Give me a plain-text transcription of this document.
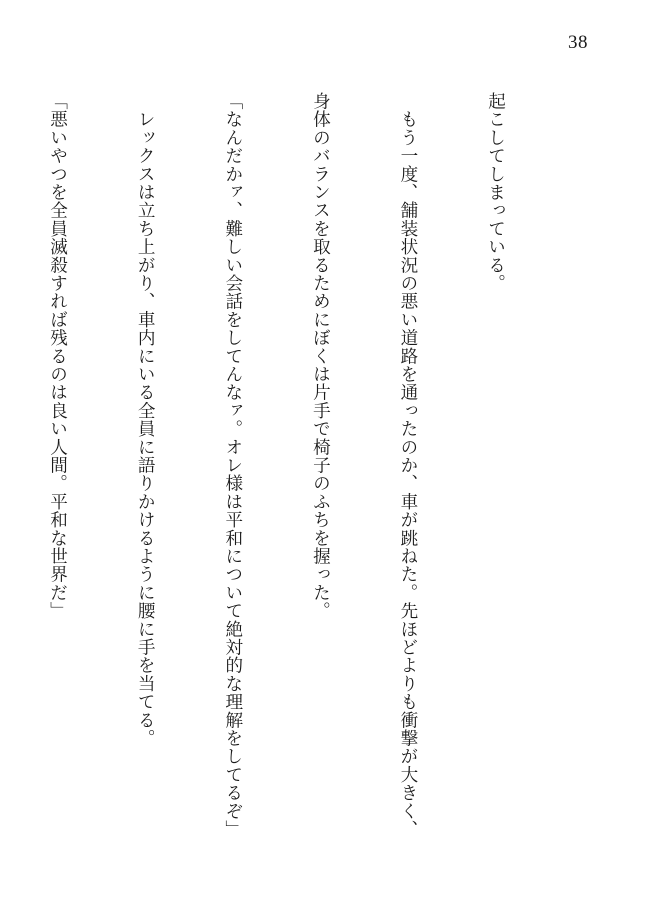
38

起こしてしまっている。

　もう一度、舗装状況の悪い道路を通ったのか、車が跳ねた。先ほどよりも衝撃が大きく、

身体のバランスを取るためにぼくは片手で椅子のふちを握った。

「なんだかァ、難しい会話をしてんなァ。オレ様は平和について絶対的な理解をしてるぞ」

　レックスは立ち上がり、車内にいる全員に語りかけるように腰に手を当てる。

「悪いやつを全員滅殺すれば残るのは良い人間。平和な世界だ」
